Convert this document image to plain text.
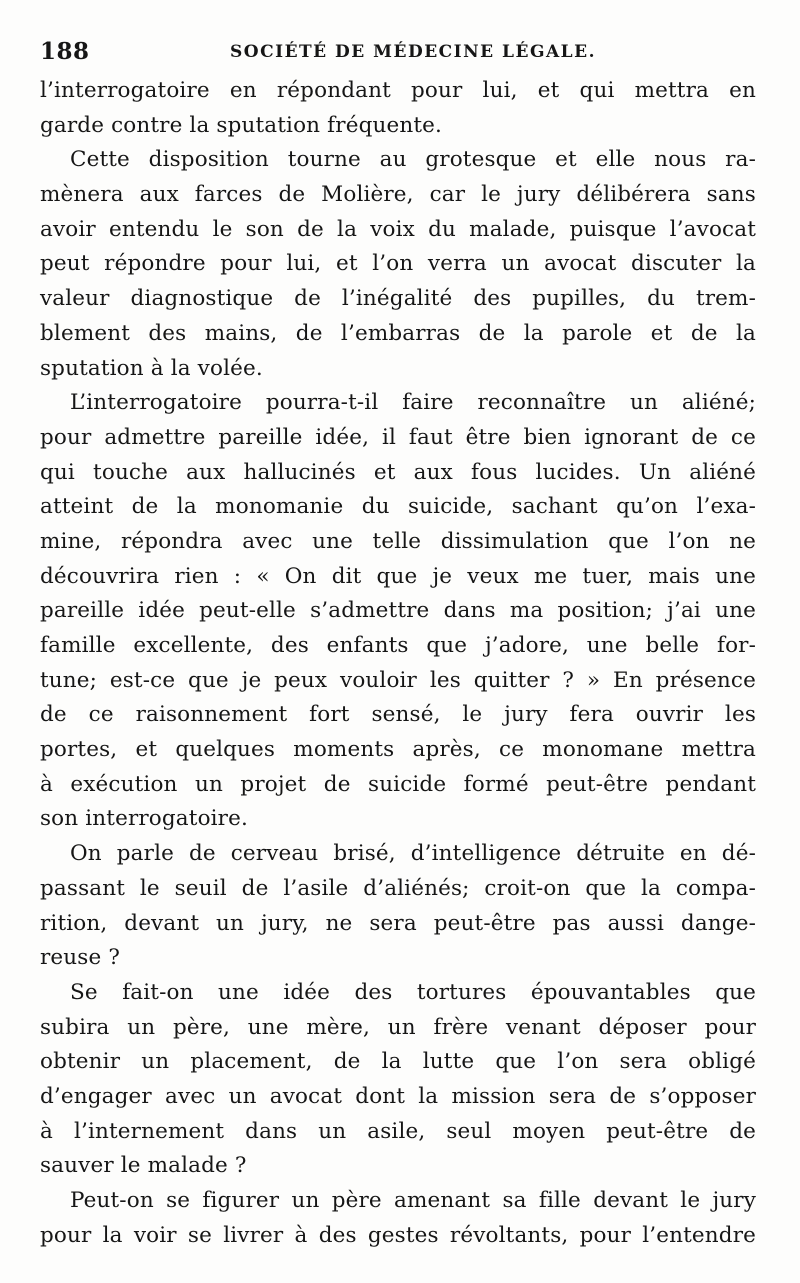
188	SOCIÉTÉ DE MÉDECINE LÉGALE.
l’interrogatoire en répondant pour lui, et qui mettra en
garde contre la sputation fréquente.
Cette disposition tourne au grotesque et elle nous ra-
mènera aux farces de Molière, car le jury délibérera sans
avoir entendu le son de la voix du malade, puisque l’avocat
peut répondre pour lui, et l’on verra un avocat discuter la
valeur diagnostique de l’inégalité des pupilles, du trem-
blement des mains, de l’embarras de la parole et de la
sputation à la volée.
L’interrogatoire pourra-t-il faire reconnaître un aliéné;
pour admettre pareille idée, il faut être bien ignorant de ce
qui touche aux hallucinés et aux fous lucides. Un aliéné
atteint de la monomanie du suicide, sachant qu’on l’exa-
mine, répondra avec une telle dissimulation que l’on ne
découvrira rien : « On dit que je veux me tuer, mais une
pareille idée peut-elle s’admettre dans ma position; j’ai une
famille excellente, des enfants que j’adore, une belle for-
tune; est-ce que je peux vouloir les quitter ? » En présence
de ce raisonnement fort sensé, le jury fera ouvrir les
portes, et quelques moments après, ce monomane mettra
à exécution un projet de suicide formé peut-être pendant
son interrogatoire.
On parle de cerveau brisé, d’intelligence détruite en dé-
passant le seuil de l’asile d’aliénés; croit-on que la compa-
rition, devant un jury, ne sera peut-être pas aussi dange-
reuse ?
Se fait-on une idée des tortures épouvantables que
subira un père, une mère, un frère venant déposer pour
obtenir un placement, de la lutte que l’on sera obligé
d’engager avec un avocat dont la mission sera de s’opposer
à l’internement dans un asile, seul moyen peut-être de
sauver le malade ?
Peut-on se figurer un père amenant sa fille devant le jury
pour la voir se livrer à des gestes révoltants, pour l’entendre
